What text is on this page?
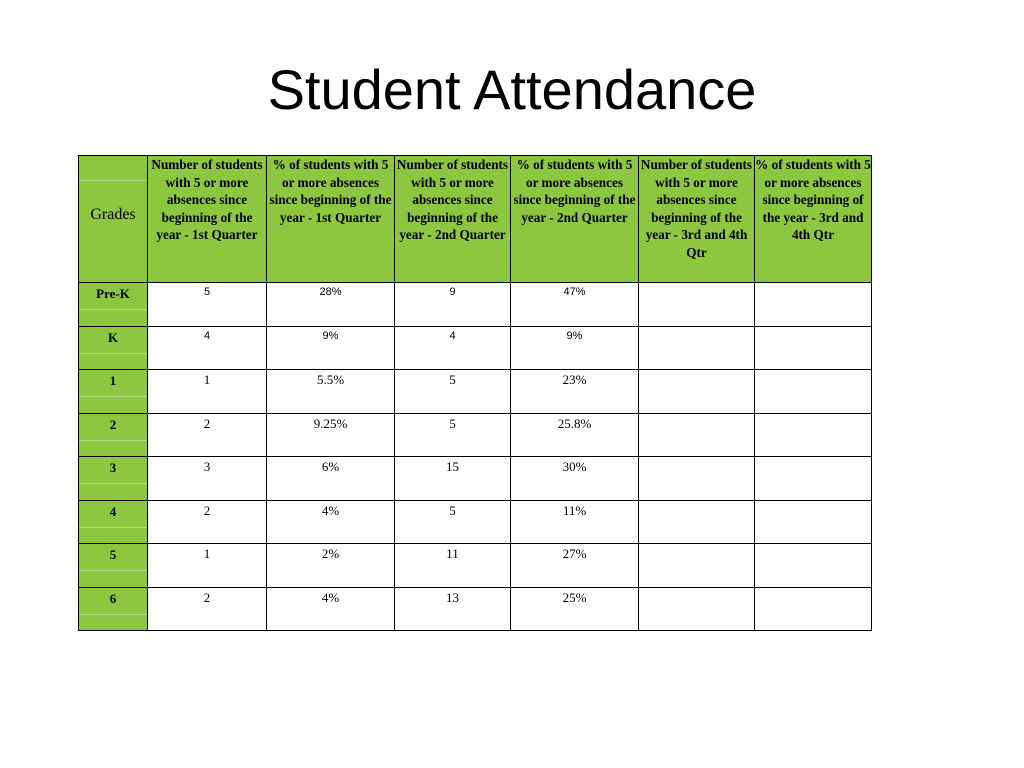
Student Attendance
Grades	Number of students with 5 or more absences since beginning of the year - 1st Quarter	% of students with 5 or more absences since beginning of the year - 1st Quarter	Number of students with 5 or more absences since beginning of the year - 2nd Quarter	% of students with 5 or more absences since beginning of the year - 2nd Quarter	Number of students with 5 or more absences since beginning of the year - 3rd and 4th Qtr	% of students with 5 or more absences since beginning of the year - 3rd and 4th Qtr
Pre-K	5	28%	9	47%		
K	4	9%	4	9%		
1	1	5.5%	5	23%		
2	2	9.25%	5	25.8%		
3	3	6%	15	30%		
4	2	4%	5	11%		
5	1	2%	11	27%		
6	2	4%	13	25%		
